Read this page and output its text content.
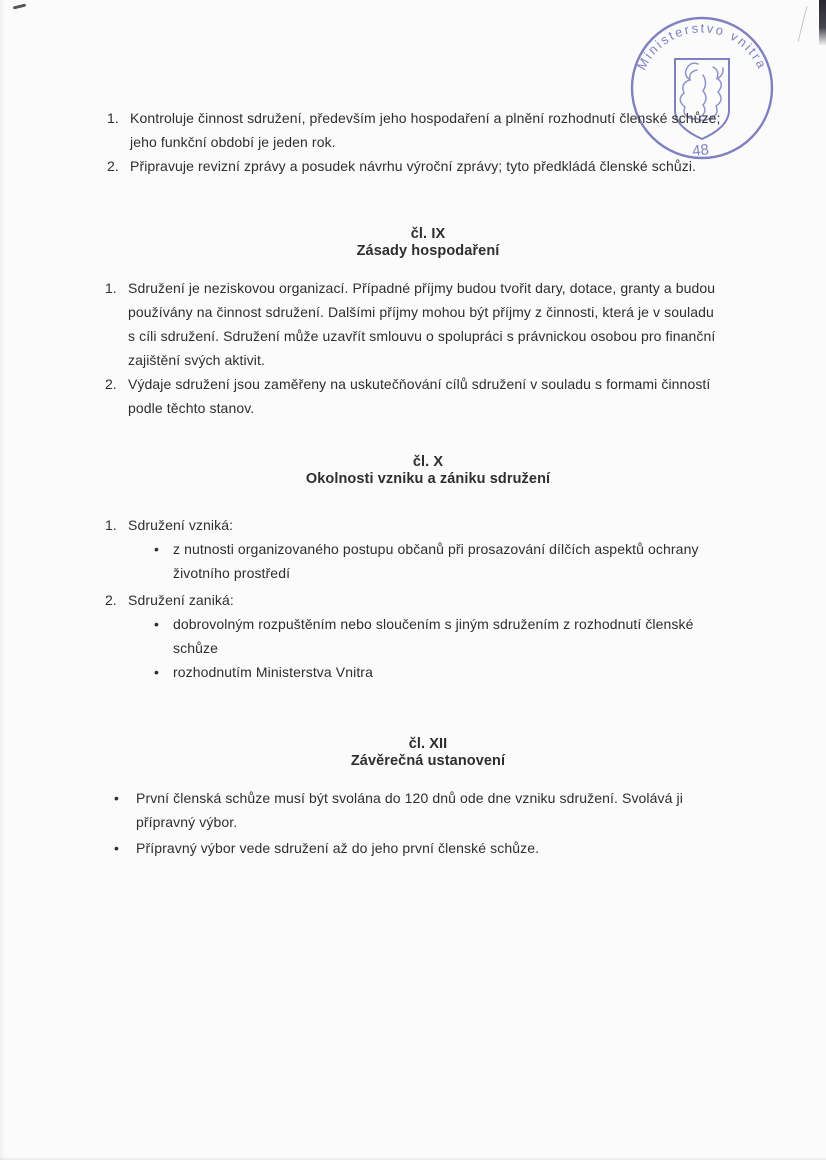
Ministerstvo vnitra
48
1. Kontroluje činnost sdružení, především jeho hospodaření a plnění rozhodnutí členské schůze;
jeho funkční období je jeden rok.
2. Připravuje revizní zprávy a posudek návrhu výroční zprávy; tyto předkládá členské schůzi.
čl. IX
Zásady hospodaření
1. Sdružení je neziskovou organizací. Případné příjmy budou tvořit dary, dotace, granty a budou
používány na činnost sdružení. Dalšími příjmy mohou být příjmy z činnosti, která je v souladu
s cíli sdružení. Sdružení může uzavřít smlouvu o spolupráci s právnickou osobou pro finanční
zajištění svých aktivit.
2. Výdaje sdružení jsou zaměřeny na uskutečňování cílů sdružení v souladu s formami činností
podle těchto stanov.
čl. X
Okolnosti vzniku a zániku sdružení
1. Sdružení vzniká:
•	z nutnosti organizovaného postupu občanů při prosazování dílčích aspektů ochrany
životního prostředí
2. Sdružení zaniká:
•	dobrovolným rozpuštěním nebo sloučením s jiným sdružením z rozhodnutí členské
schůze
•	rozhodnutím Ministerstva Vnitra
čl. XII
Závěrečná ustanovení
•	První členská schůze musí být svolána do 120 dnů ode dne vzniku sdružení. Svolává ji
přípravný výbor.
•	Přípravný výbor vede sdružení až do jeho první členské schůze.
